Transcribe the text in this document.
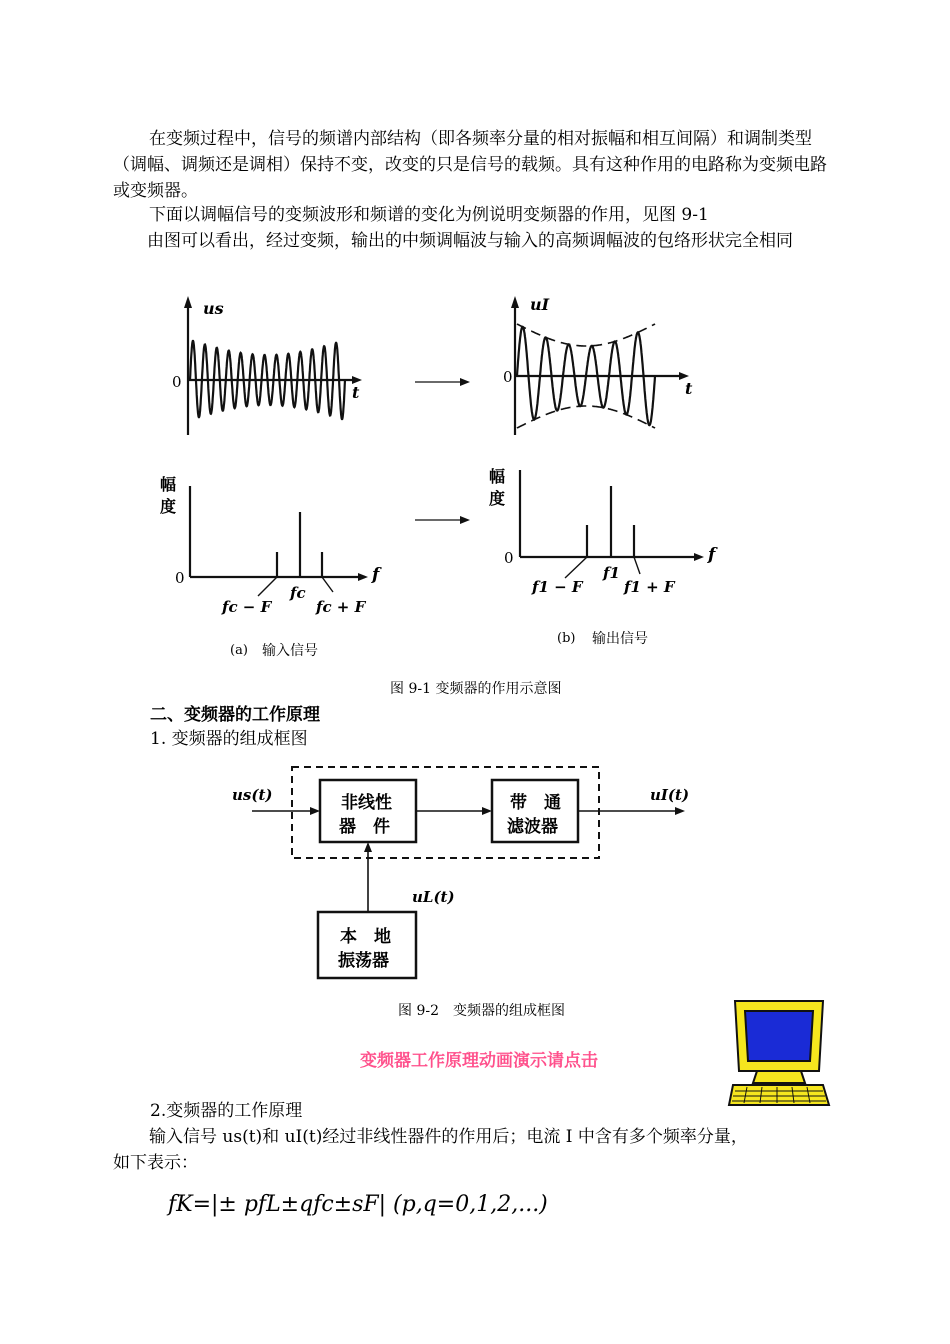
在变频过程中，信号的频谱内部结构（即各频率分量的相对振幅和相互间隔）和调制类型（调幅、调频还是调相）保持不变，改变的只是信号的载频。具有这种作用的电路称为变频电路或变频器。
下面以调幅信号的变频波形和频谱的变化为例说明变频器的作用，见图 9-1
由图可以看出，经过变频，输出的中频调幅波与输入的高频调幅波的包络形状完全相同
us
0
t
uI
0
t
幅
度
0	f
fc − F
fc
fc + F
幅
度
0	f
f1 − F
f1
f1 + F
(a) 输入信号
(b) 输出信号
图 9-1 变频器的作用示意图
二、变频器的工作原理
1. 变频器的组成框图
us(t)	uI(t)
uL(t)
非线性
器　件
带　通
滤波器
本　地
振荡器
图 9-2　变频器的组成框图
变频器工作原理动画演示请点击
2.变频器的工作原理
输入信号 us(t)和 uI(t)经过非线性器件的作用后；电流 I 中含有多个频率分量，
如下表示：
fK=|± pfL±qfc±sF| (p,q=0,1,2,...)
